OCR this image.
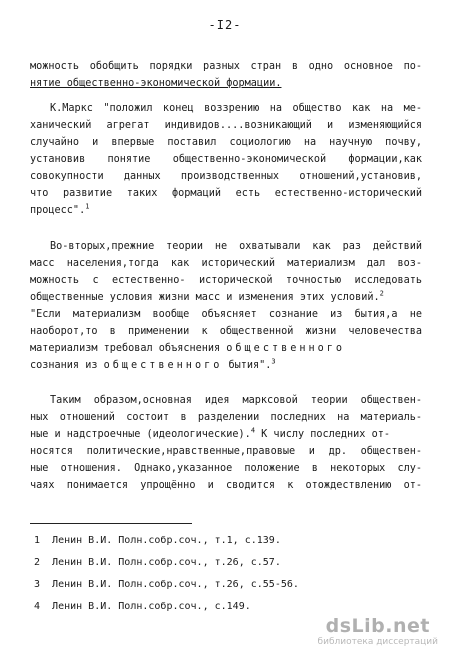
-I2-
можность обобщить порядки разных стран в одно основное по-
нятие общественно-экономической формации.
К.Маркс "положил конец воззрению на общество как на ме-
ханический агрегат индивидов....возникающий и изменяющийся
случайно и впервые поставил социологию на научную почву,
установив понятие общественно-экономической формации,как
совокупности данных производственных отношений,установив,
что развитие таких формаций есть естественно-исторический
процесс".$^1$
Во-вторых,прежние теории не охватывали как раз действий
масс населения,тогда как исторический материализм дал воз-
можность с естественно- исторической точностью исследовать
общественные условия жизни масс и изменения этих условий.$^2$
"Если материализм вообще объясняет сознание из бытия,а не
наоборот,то в применении к общественной жизни человечества
материализм требовал объяснения общественного
сознания из общественного бытия".$^3$
Таким образом,основная идея марксовой теории обществен-
ных отношений состоит в разделении последних на материаль-
ные и надстроечные (идеологические).$^4$ К числу последних от-
носятся политические,нравственные,правовые и др. обществен-
ные отношения. Однако,указанное положение в некоторых слу-
чаях понимается упрощённо и сводится к отождествлению от-
1  Ленин В.И. Полн.собр.соч., т.1, с.139.
2  Ленин В.И. Полн.собр.соч., т.26, с.57.
3  Ленин В.И. Полн.собр.соч., т.26, с.55-56.
4  Ленин В.И. Полн.собр.соч., с.149.
dsLib.net
библиотека диссертаций
